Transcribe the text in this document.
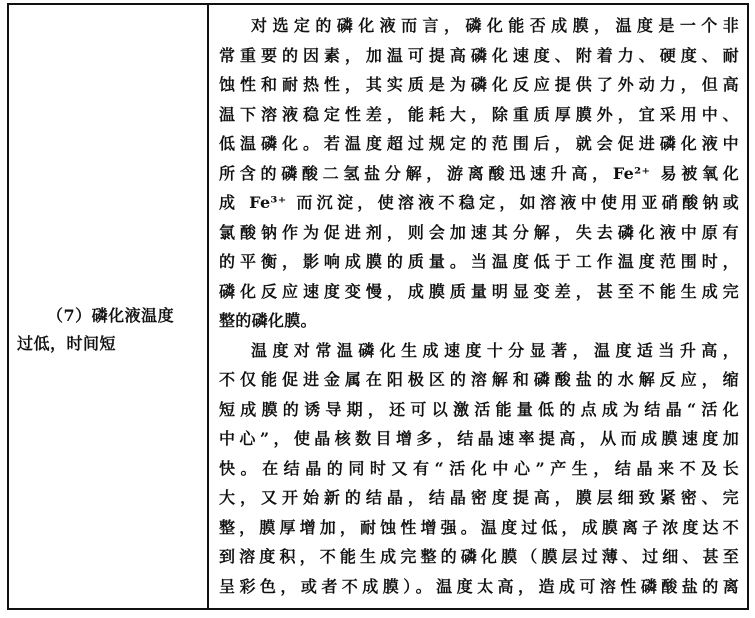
（7）磷化液温度
过低，时间短
对选定的磷化液而言，磷化能否成膜，温度是一个非
常重要的因素，加温可提高磷化速度、附着力、硬度、耐
蚀性和耐热性，其实质是为磷化反应提供了外动力，但高
温下溶液稳定性差，能耗大，除重质厚膜外，宜采用中、
低温磷化。若温度超过规定的范围后，就会促进磷化液中
所含的磷酸二氢盐分解，游离酸迅速升高，Fe²⁺ 易被氧化
成 Fe³⁺ 而沉淀，使溶液不稳定，如溶液中使用亚硝酸钠或
氯酸钠作为促进剂，则会加速其分解，失去磷化液中原有
的平衡，影响成膜的质量。当温度低于工作温度范围时，
磷化反应速度变慢，成膜质量明显变差，甚至不能生成完
整的磷化膜。
温度对常温磷化生成速度十分显著，温度适当升高，
不仅能促进金属在阳极区的溶解和磷酸盐的水解反应，缩
短成膜的诱导期，还可以激活能量低的点成为结晶“活化
中心”，使晶核数目增多，结晶速率提高，从而成膜速度加
快。在结晶的同时又有“活化中心”产生，结晶来不及长
大，又开始新的结晶，结晶密度提高，膜层细致紧密、完
整，膜厚增加，耐蚀性增强。温度过低，成膜离子浓度达不
到溶度积，不能生成完整的磷化膜（膜层过薄、过细、甚至
呈彩色，或者不成膜）。温度太高，造成可溶性磷酸盐的离
